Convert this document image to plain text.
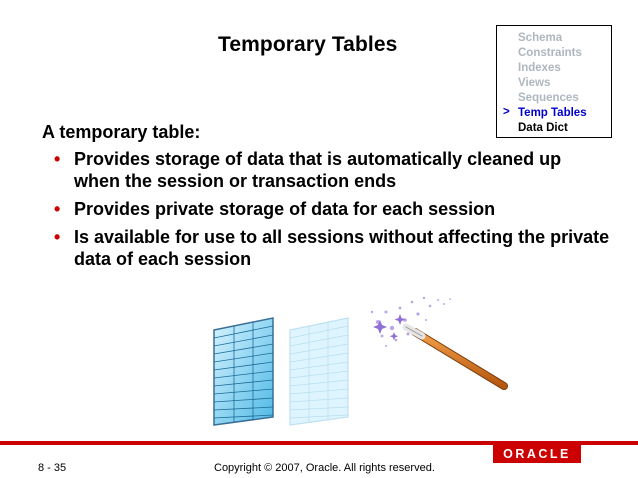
Temporary Tables	Schema
Constraints
Indexes
Views
Sequences
> Temp Tables
Data Dict
A temporary table:
• Provides storage of data that is automatically cleaned up when the session or transaction ends
• Provides private storage of data for each session
• Is available for use to all sessions without affecting the private data of each session
ORACLE
8 - 35	Copyright © 2007, Oracle. All rights reserved.
